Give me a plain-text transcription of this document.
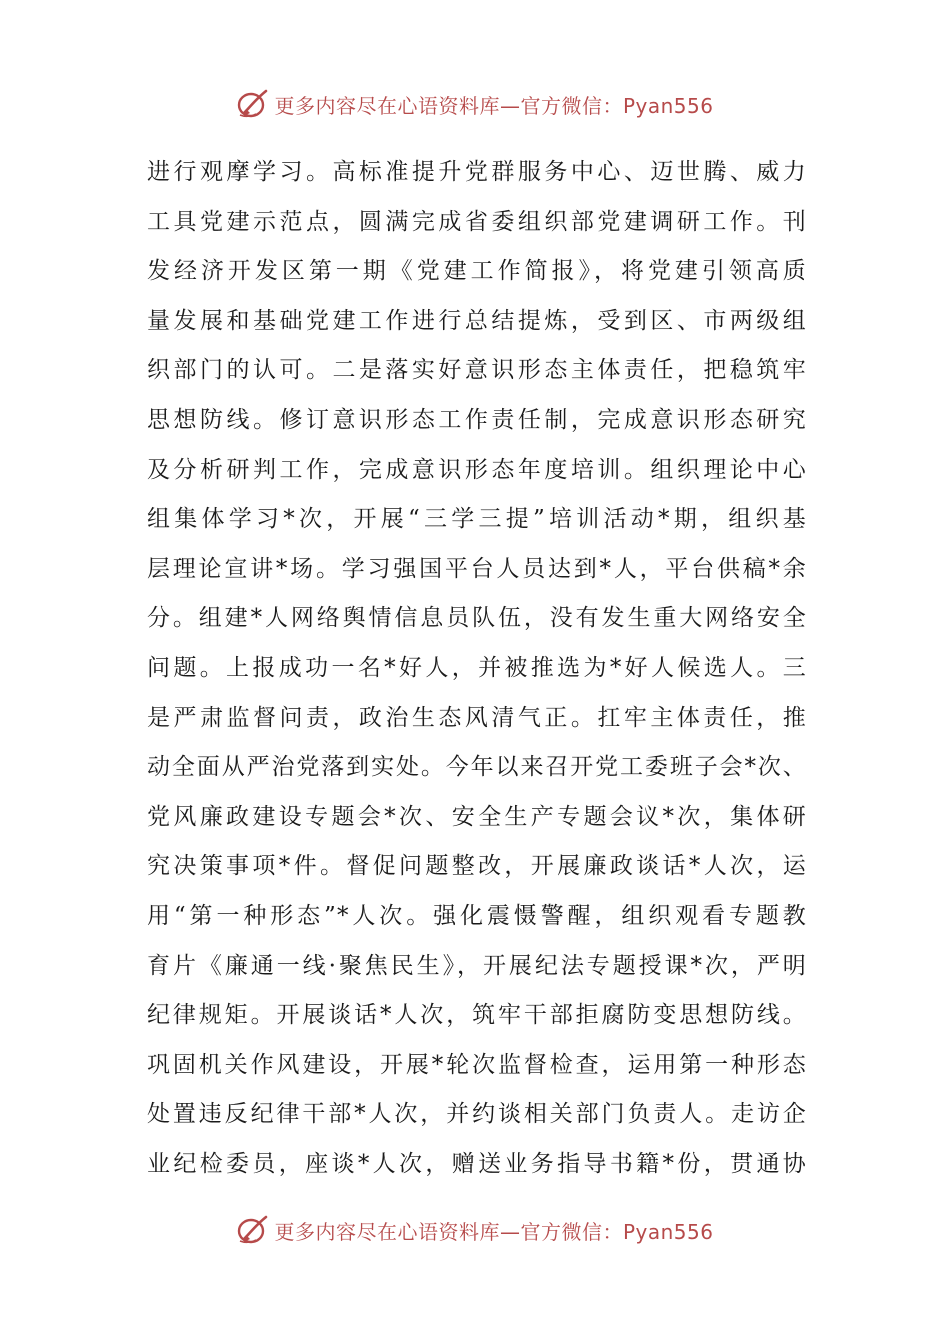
更多内容尽在心语资料库—官方微信：Pyan556
进行观摩学习。高标准提升党群服务中心、迈世腾、威力
工具党建示范点，圆满完成省委组织部党建调研工作。刊
发经济开发区第一期《党建工作简报》，将党建引领高质
量发展和基础党建工作进行总结提炼，受到区、市两级组
织部门的认可。二是落实好意识形态主体责任，把稳筑牢
思想防线。修订意识形态工作责任制，完成意识形态研究
及分析研判工作，完成意识形态年度培训。组织理论中心
组集体学习*次，开展“三学三提”培训活动*期，组织基
层理论宣讲*场。学习强国平台人员达到*人，平台供稿*余
分。组建*人网络舆情信息员队伍，没有发生重大网络安全
问题。上报成功一名*好人，并被推选为*好人候选人。三
是严肃监督问责，政治生态风清气正。扛牢主体责任，推
动全面从严治党落到实处。今年以来召开党工委班子会*次、
党风廉政建设专题会*次、安全生产专题会议*次，集体研
究决策事项*件。督促问题整改，开展廉政谈话*人次，运
用“第一种形态”*人次。强化震慑警醒，组织观看专题教
育片《廉通一线·聚焦民生》，开展纪法专题授课*次，严明
纪律规矩。开展谈话*人次，筑牢干部拒腐防变思想防线。
巩固机关作风建设，开展*轮次监督检查，运用第一种形态
处置违反纪律干部*人次，并约谈相关部门负责人。走访企
业纪检委员，座谈*人次，赠送业务指导书籍*份，贯通协
更多内容尽在心语资料库—官方微信：Pyan556
